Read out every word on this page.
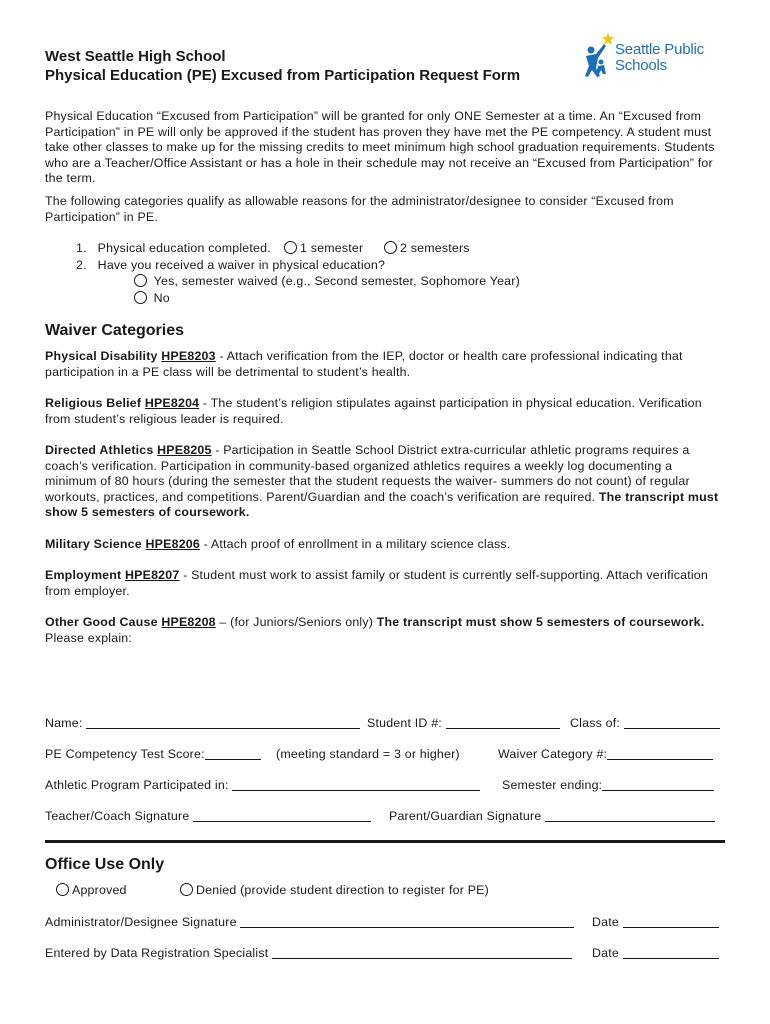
West Seattle High School
Physical Education (PE) Excused from Participation Request Form
Seattle Public
Schools
Physical Education “Excused from Participation” will be granted for only ONE Semester at a time. An “Excused from Participation” in PE will only be approved if the student has proven they have met the PE competency. A student must take other classes to make up for the missing credits to meet minimum high school graduation requirements. Students who are a Teacher/Office Assistant or has a hole in their schedule may not receive an “Excused from Participation” for the term.
The following categories qualify as allowable reasons for the administrator/designee to consider “Excused from Participation” in PE.
1. Physical education completed.	1 semester	2 semesters
2. Have you received a waiver in physical education?
Yes, semester waived (e.g., Second semester, Sophomore Year)
No
Waiver Categories
Physical Disability HPE8203 - Attach verification from the IEP, doctor or health care professional indicating that participation in a PE class will be detrimental to student’s health.
Religious Belief HPE8204 - The student’s religion stipulates against participation in physical education. Verification from student’s religious leader is required.
Directed Athletics HPE8205 - Participation in Seattle School District extra-curricular athletic programs requires a coach’s verification. Participation in community-based organized athletics requires a weekly log documenting a minimum of 80 hours (during the semester that the student requests the waiver- summers do not count) of regular workouts, practices, and competitions. Parent/Guardian and the coach’s verification are required. The transcript must show 5 semesters of coursework.
Military Science HPE8206 - Attach proof of enrollment in a military science class.
Employment HPE8207 - Student must work to assist family or student is currently self-supporting. Attach verification from employer.
Other Good Cause HPE8208 – (for Juniors/Seniors only) The transcript must show 5 semesters of coursework. Please explain:
Name:	Student ID #:	Class of:
PE Competency Test Score:	(meeting standard = 3 or higher)	Waiver Category #:
Athletic Program Participated in:	Semester ending:
Teacher/Coach Signature	Parent/Guardian Signature
Office Use Only
Approved	Denied (provide student direction to register for PE)
Administrator/Designee Signature	Date
Entered by Data Registration Specialist	Date
